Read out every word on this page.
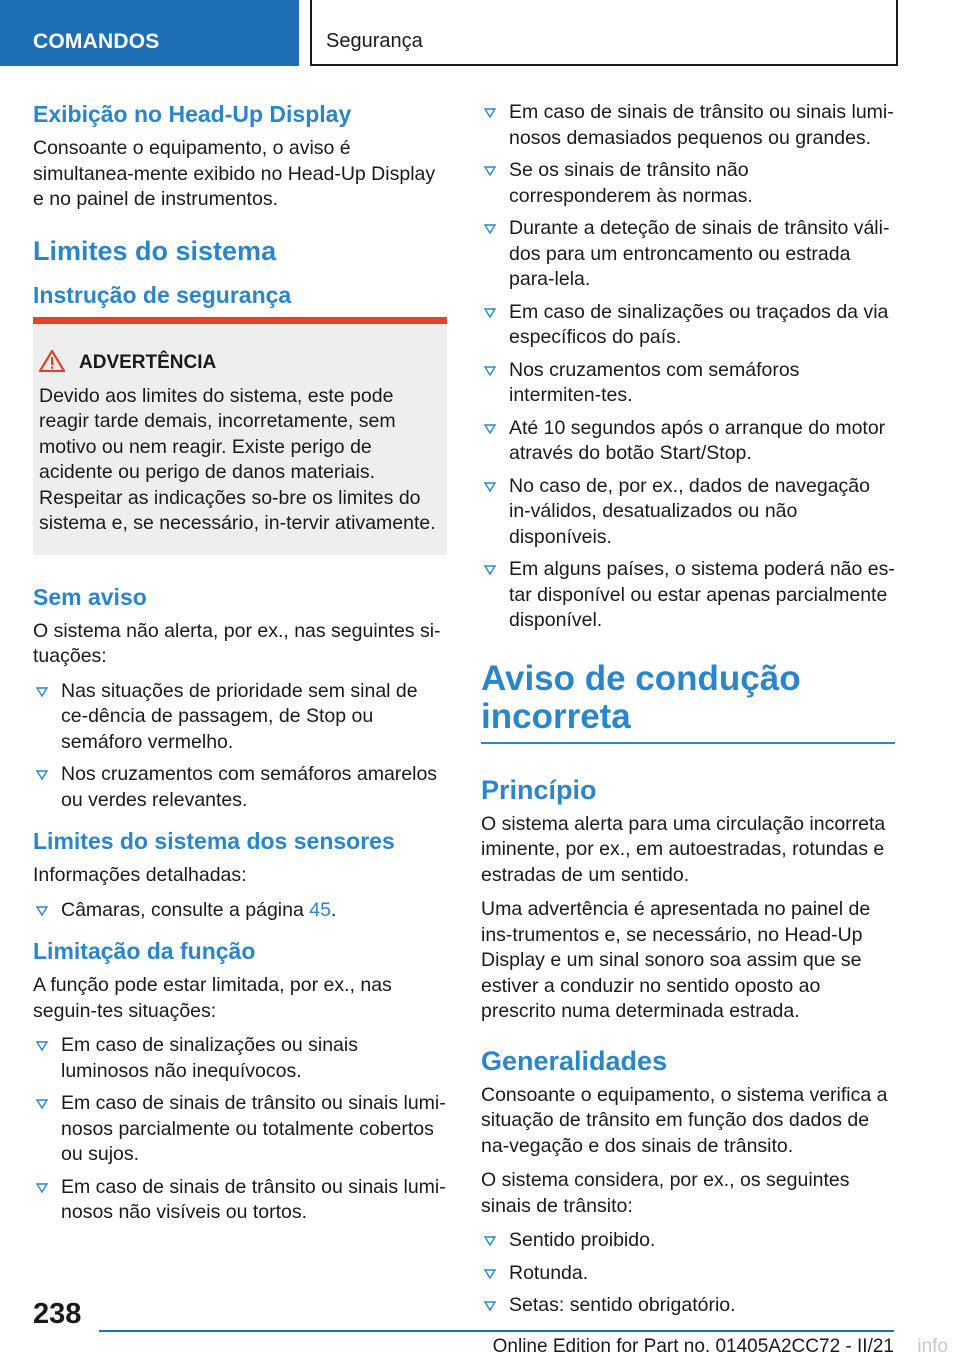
COMANDOS	Segurança
Exibição no Head-Up Display

Consoante o equipamento, o aviso é simultanea-mente exibido no Head-Up Display e no painel de instrumentos.

Limites do sistema
Instrução de segurança
ADVERTÊNCIA

Devido aos limites do sistema, este pode reagir tarde demais, incorretamente, sem motivo ou nem reagir. Existe perigo de acidente ou perigo de danos materiais. Respeitar as indicações so-bre os limites do sistema e, se necessário, in-tervir ativamente.

Sem aviso

O sistema não alerta, por ex., nas seguintes si-tuações:

Nas situações de prioridade sem sinal de ce-dência de passagem, de Stop ou semáforo vermelho.
Nos cruzamentos com semáforos amarelos ou verdes relevantes.
Limites do sistema dos sensores

Informações detalhadas:

Câmaras, consulte a página 45.
Limitação da função

A função pode estar limitada, por ex., nas seguin-tes situações:

Em caso de sinalizações ou sinais luminosos não inequívocos.
Em caso de sinais de trânsito ou sinais lumi-nosos parcialmente ou totalmente cobertos ou sujos.
Em caso de sinais de trânsito ou sinais lumi-nosos não visíveis ou tortos.
Em caso de sinais de trânsito ou sinais lumi-nosos demasiados pequenos ou grandes.
Se os sinais de trânsito não corresponderem às normas.
Durante a deteção de sinais de trânsito váli-dos para um entroncamento ou estrada para-lela.
Em caso de sinalizações ou traçados da via específicos do país.
Nos cruzamentos com semáforos intermiten-tes.
Até 10 segundos após o arranque do motor através do botão Start/Stop.
No caso de, por ex., dados de navegação in-válidos, desatualizados ou não disponíveis.
Em alguns países, o sistema poderá não es-tar disponível ou estar apenas parcialmente disponível.
Aviso de condução
incorreta
Princípio

O sistema alerta para uma circulação incorreta iminente, por ex., em autoestradas, rotundas e estradas de um sentido.

Uma advertência é apresentada no painel de ins-trumentos e, se necessário, no Head-Up Display e um sinal sonoro soa assim que se estiver a conduzir no sentido oposto ao prescrito numa determinada estrada.

Generalidades

Consoante o equipamento, o sistema verifica a situação de trânsito em função dos dados de na-vegação e dos sinais de trânsito.

O sistema considera, por ex., os seguintes sinais de trânsito:

Sentido proibido.
Rotunda.
Setas: sentido obrigatório.
238
Online Edition for Part no. 01405A2CC72 - II/21 info
